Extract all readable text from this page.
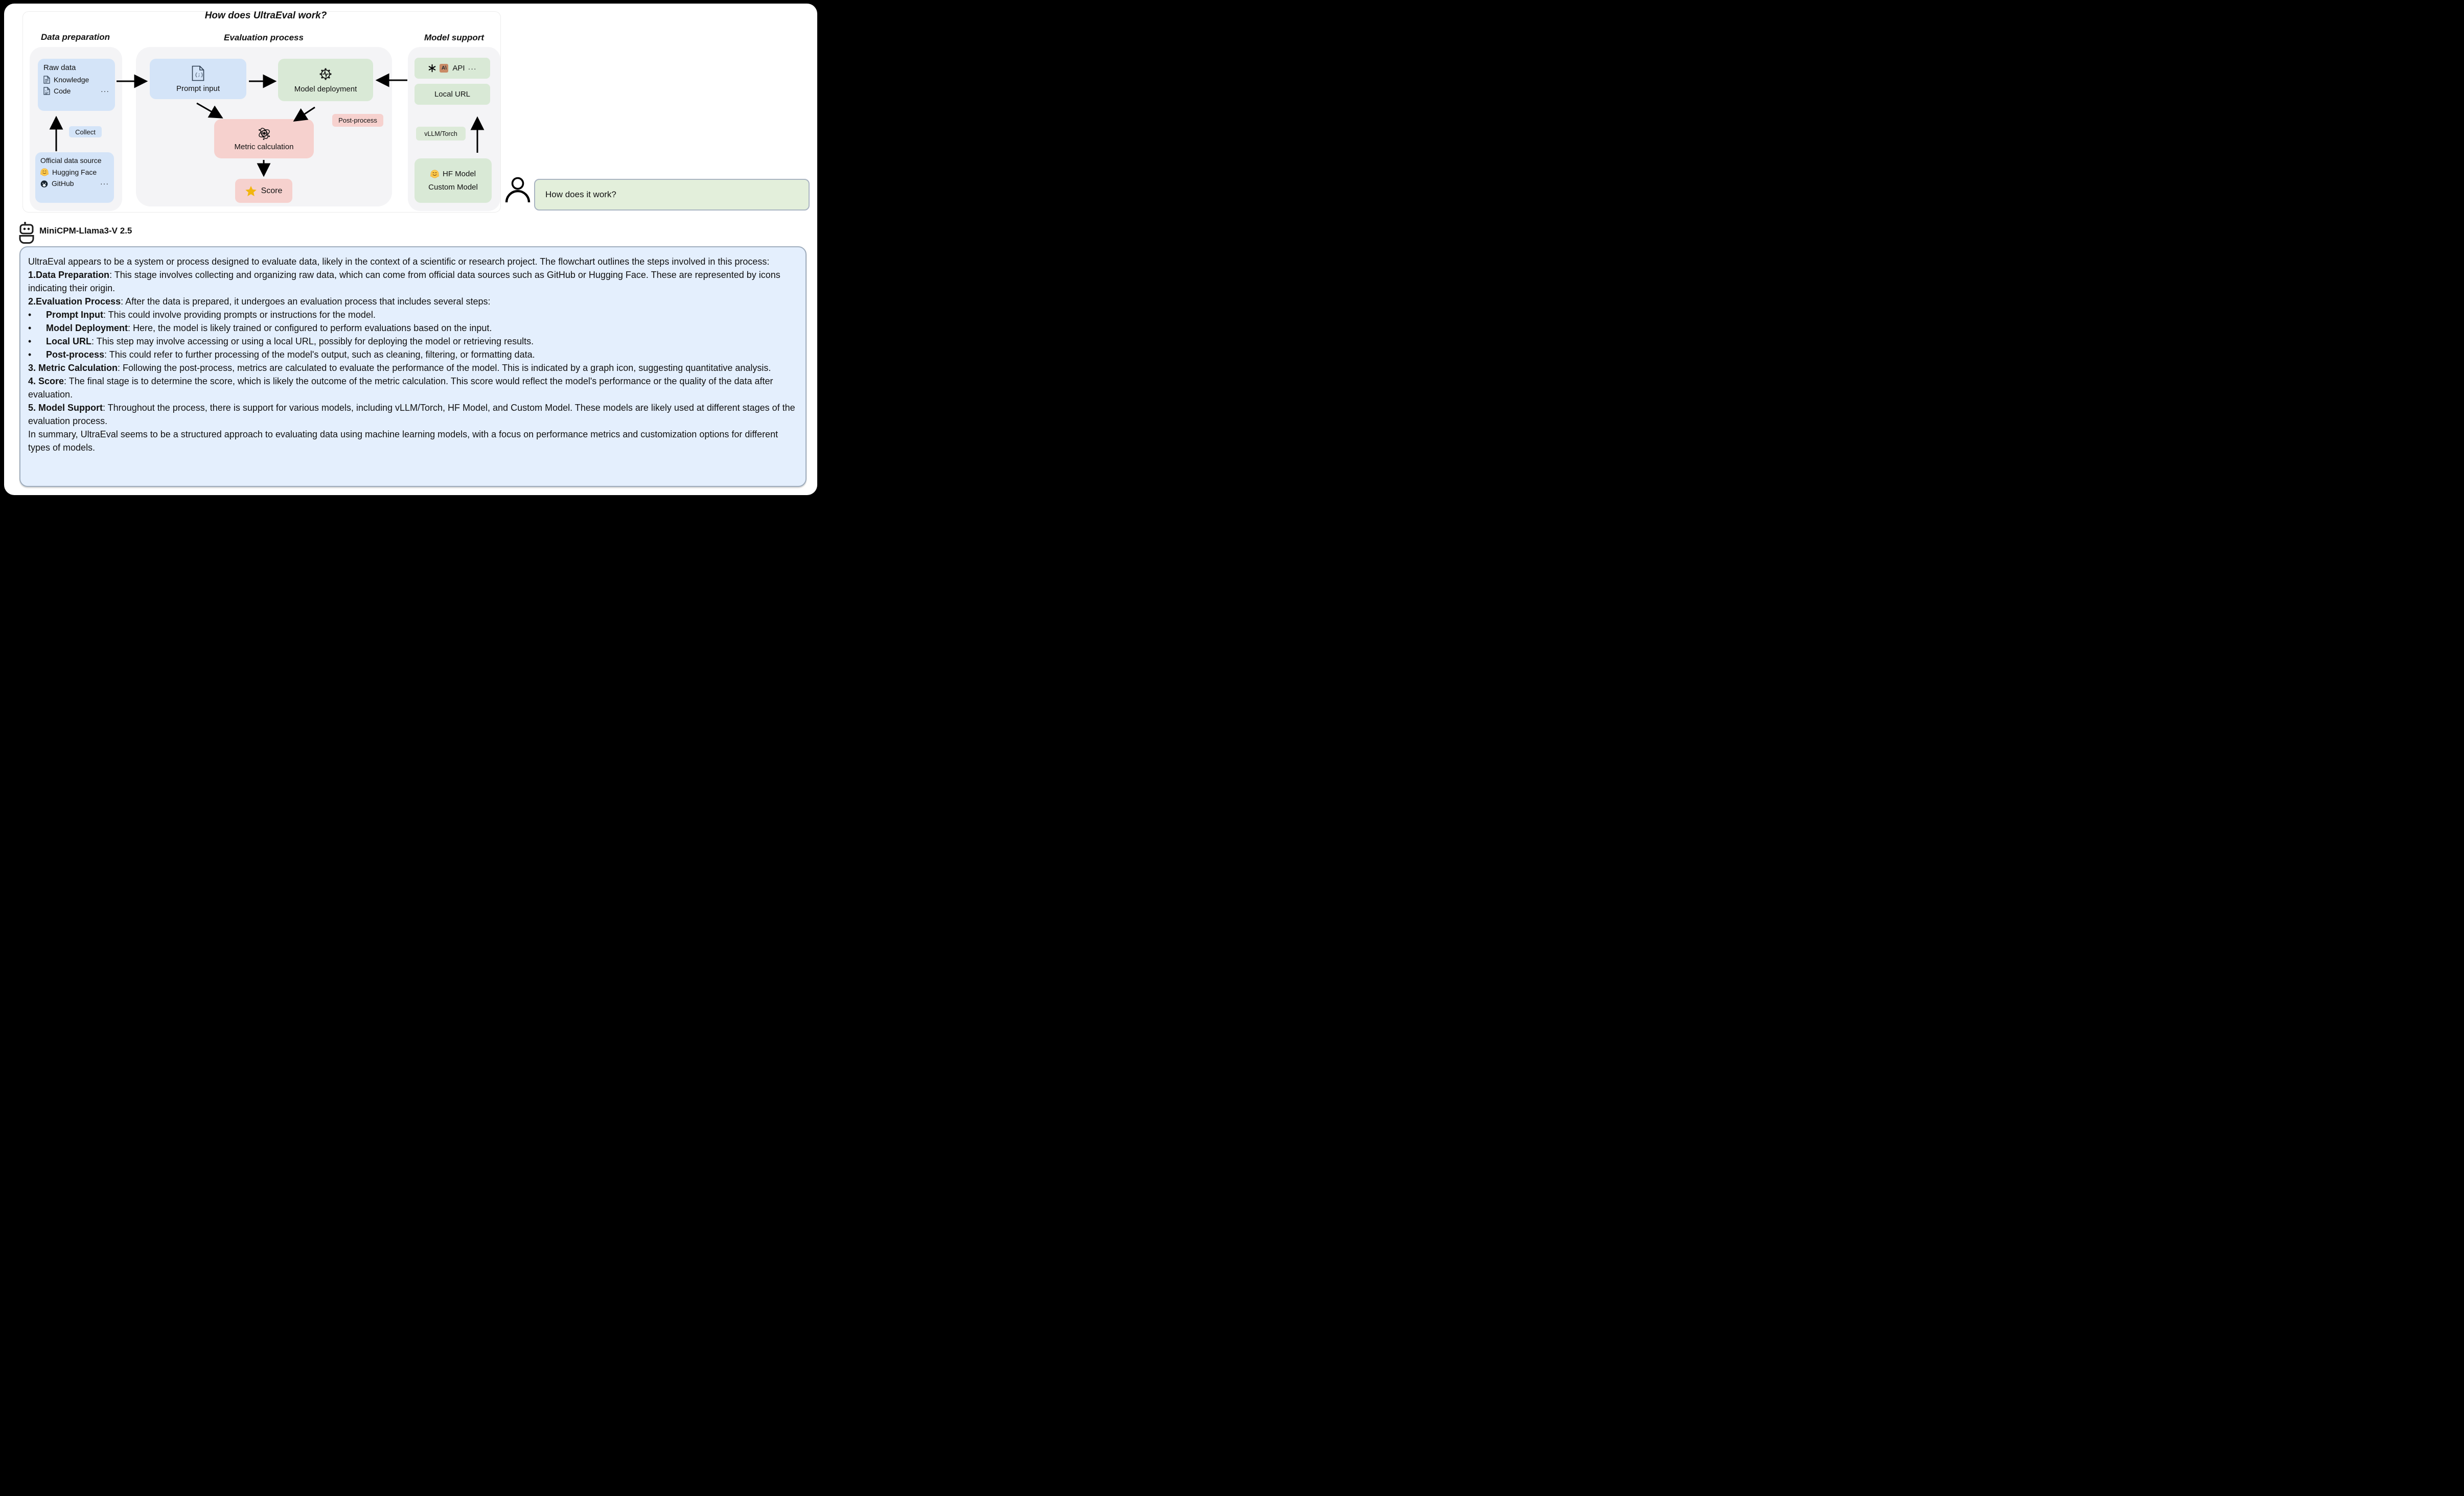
How does UltraEval work?
Data preparation	Evaluation process	Model support
Raw data
Knowledge
</> Code	···
Collect
Official data source
Hugging Face
GitHub	···
{;}
Prompt input	Model deployment
Metric calculation
Post-process
Score
A\ API ···
Local URL
vLLM/Torch
HF Model
Custom Model
How does it work?
MiniCPM-Llama3-V 2.5
UltraEval appears to be a system or process designed to evaluate data, likely in the context of a scientific or research project. The flowchart outlines the steps involved in this process:
1.Data Preparation: This stage involves collecting and organizing raw data, which can come from official data sources such as GitHub or Hugging Face. These are represented by icons indicating their origin.
2.Evaluation Process: After the data is prepared, it undergoes an evaluation process that includes several steps:
• Prompt Input: This could involve providing prompts or instructions for the model.
• Model Deployment: Here, the model is likely trained or configured to perform evaluations based on the input.
• Local URL: This step may involve accessing or using a local URL, possibly for deploying the model or retrieving results.
• Post-process: This could refer to further processing of the model's output, such as cleaning, filtering, or formatting data.
3. Metric Calculation: Following the post-process, metrics are calculated to evaluate the performance of the model. This is indicated by a graph icon, suggesting quantitative analysis.
4. Score: The final stage is to determine the score, which is likely the outcome of the metric calculation. This score would reflect the model's performance or the quality of the data after evaluation.
5. Model Support: Throughout the process, there is support for various models, including vLLM/Torch, HF Model, and Custom Model. These models are likely used at different stages of the evaluation process.
In summary, UltraEval seems to be a structured approach to evaluating data using machine learning models, with a focus on performance metrics and customization options for different types of models.
